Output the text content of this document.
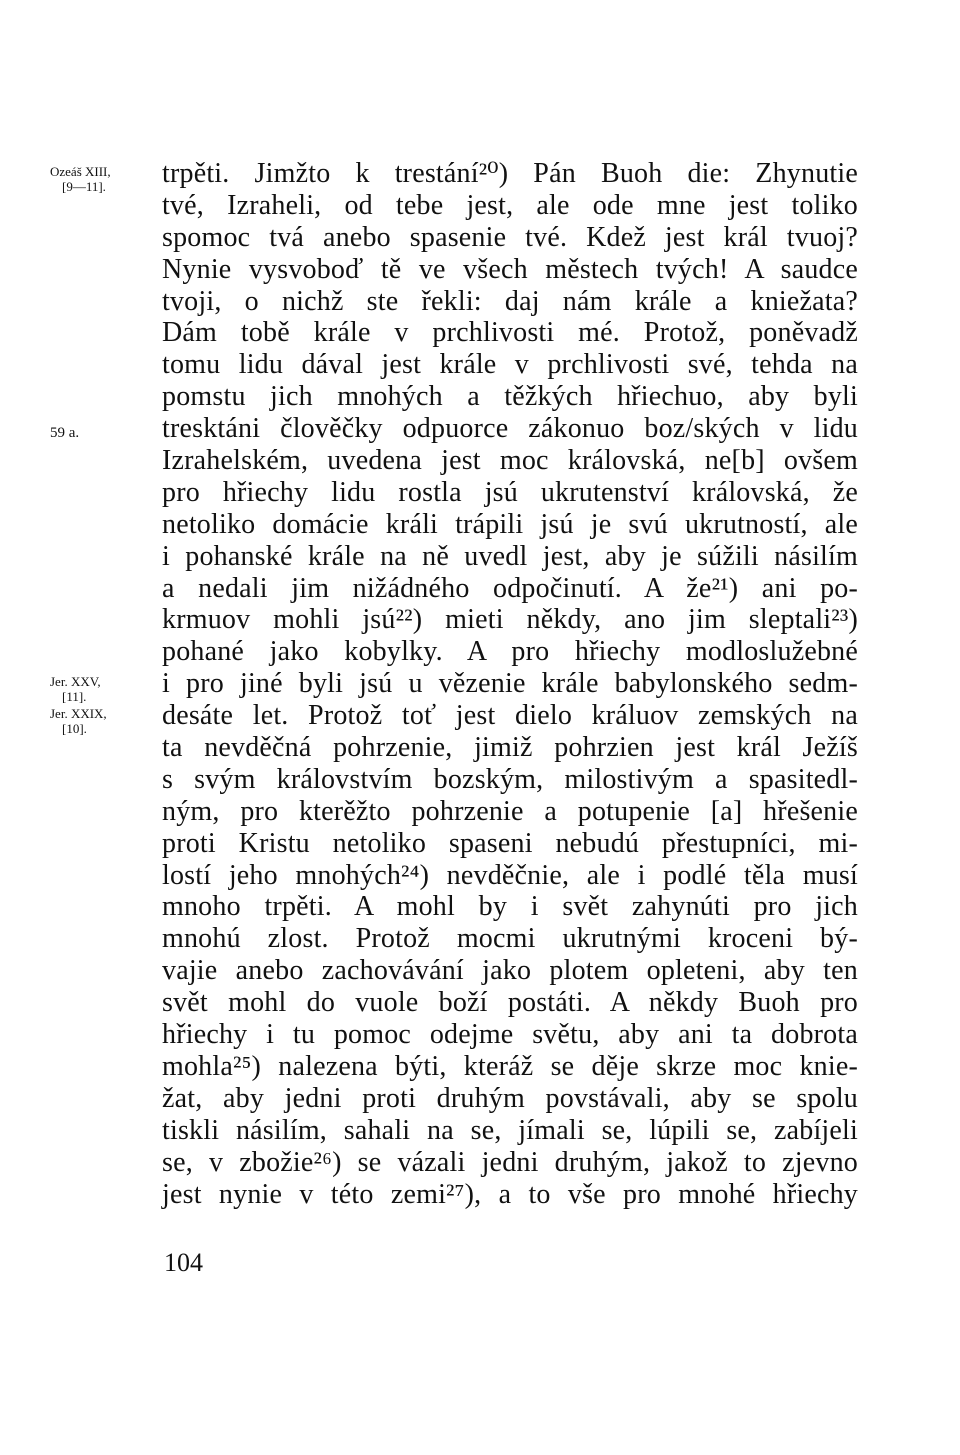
Ozeáš XIII,
[9—11].
59 a.
Jer. XXV,
[11].
Jer. XXIX,
[10].
trpěti. Jimžto k trestání²⁰) Pán Buoh die: Zhynutie
tvé, Izraheli, od tebe jest, ale ode mne jest toliko
spomoc tvá anebo spasenie tvé. Kdež jest král tvuoj?
Nynie vysvoboď tě ve všech městech tvých! A saudce
tvoji, o nichž ste řekli: daj nám krále a kniežata?
Dám tobě krále v prchlivosti mé. Protož, poněvadž
tomu lidu dával jest krále v prchlivosti své, tehda na
pomstu jich mnohých a těžkých hřiechuo, aby byli
tresktáni člověčky odpuorce zákonuo boz/ských v lidu
Izrahelském, uvedena jest moc královská, ne[b] ovšem
pro hřiechy lidu rostla jsú ukrutenství královská, že
netoliko domácie králi trápili jsú je svú ukrutností, ale
i pohanské krále na ně uvedl jest, aby je súžili násilím
a nedali jim nižádného odpočinutí. A že²¹) ani po-
krmuov mohli jsú²²) mieti někdy, ano jim sleptali²³)
pohané jako kobylky. A pro hřiechy modloslužebné
i pro jiné byli jsú u vězenie krále babylonského sedm-
desáte let. Protož toť jest dielo králuov zemských na
ta nevděčná pohrzenie, jimiž pohrzien jest král Ježíš
s svým královstvím bozským, milostivým a spasitedl-
ným, pro kterěžto pohrzenie a potupenie [a] hřešenie
proti Kristu netoliko spaseni nebudú přestupníci, mi-
lostí jeho mnohých²⁴) nevděčnie, ale i podlé těla musí
mnoho trpěti. A mohl by i svět zahynúti pro jich
mnohú zlost. Protož mocmi ukrutnými kroceni bý-
vajie anebo zachovávání jako plotem opleteni, aby ten
svět mohl do vuole boží postáti. A někdy Buoh pro
hřiechy i tu pomoc odejme světu, aby ani ta dobrota
mohla²⁵) nalezena býti, kteráž se děje skrze moc knie-
žat, aby jedni proti druhým povstávali, aby se spolu
tiskli násilím, sahali na se, jímali se, lúpili se, zabíjeli
se, v zbožie²⁶) se vázali jedni druhým, jakož to zjevno
jest nynie v této zemi²⁷), a to vše pro mnohé hřiechy
104
